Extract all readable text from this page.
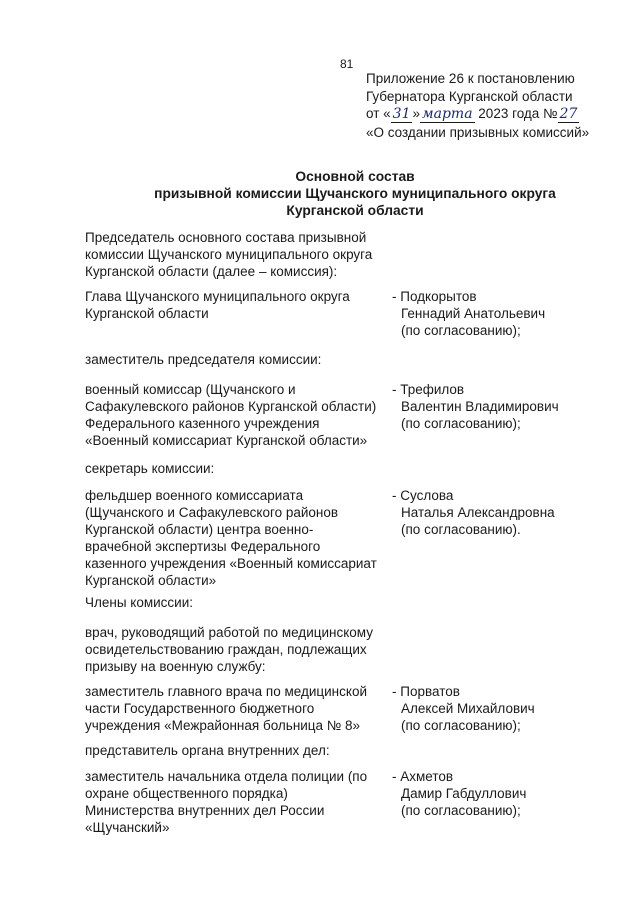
81
Приложение 26 к постановлению
Губернатора Курганской области
от « 31 » марта 2023 года № 27
«О создании призывных комиссий»
Основной состав
призывной комиссии Щучанского муниципального округа
Курганской области
Председатель основного состава призывной
комиссии Щучанского муниципального округа
Курганской области (далее – комиссия):
Глава Щучанского муниципального округа
Курганской области
- Подкорытов
Геннадий Анатольевич
(по согласованию);
заместитель председателя комиссии:
военный комиссар (Щучанского и
Сафакулевского районов Курганской области)
Федерального казенного учреждения
«Военный комиссариат Курганской области»
- Трефилов
Валентин Владимирович
(по согласованию);
секретарь комиссии:
фельдшер военного комиссариата
(Щучанского и Сафакулевского районов
Курганской области) центра военно-
врачебной экспертизы Федерального
казенного учреждения «Военный комиссариат
Курганской области»
- Суслова
Наталья Александровна
(по согласованию).
Члены комиссии:
врач, руководящий работой по медицинскому
освидетельствованию граждан, подлежащих
призыву на военную службу:
заместитель главного врача по медицинской
части Государственного бюджетного
учреждения «Межрайонная больница № 8»
- Порватов
Алексей Михайлович
(по согласованию);
представитель органа внутренних дел:
заместитель начальника отдела полиции (по
охране общественного порядка)
Министерства внутренних дел России
«Щучанский»
- Ахметов
Дамир Габдуллович
(по согласованию);
